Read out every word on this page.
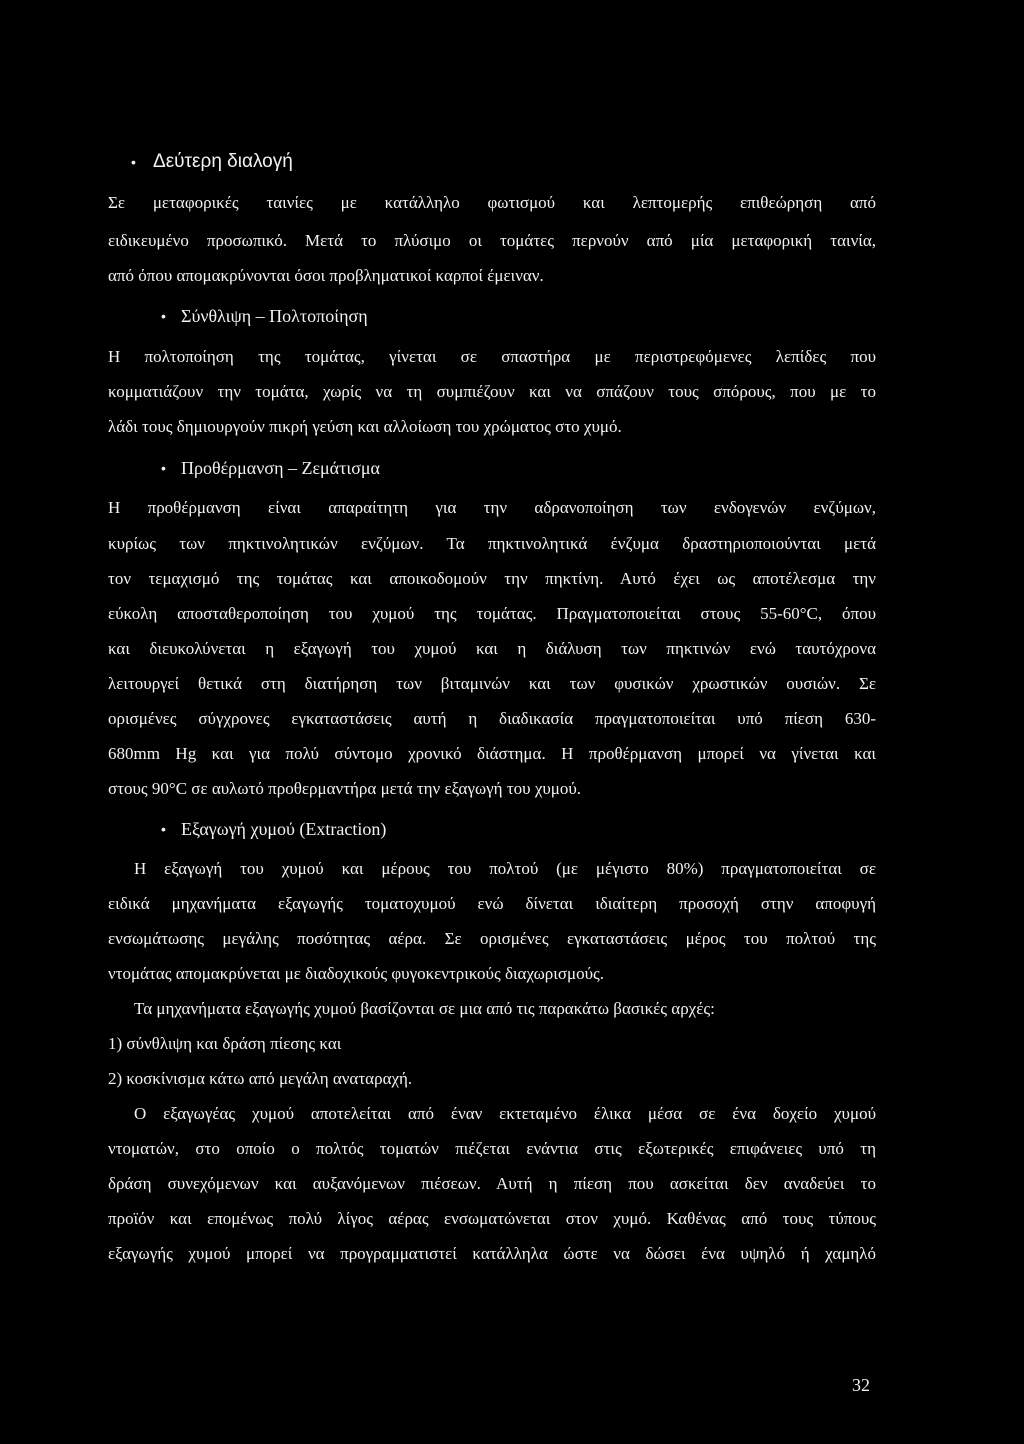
• Δεύτερη διαλογή
Σε μεταφορικές ταινίες με κατάλληλο φωτισμού και λεπτομερής επιθεώρηση από
ειδικευμένο προσωπικό. Μετά το πλύσιμο οι τομάτες περνούν από μία μεταφορική ταινία,
από όπου απομακρύνονται όσοι προβληματικοί καρποί έμειναν.
• Σύνθλιψη – Πολτοποίηση
Η πολτοποίηση της τομάτας, γίνεται σε σπαστήρα με περιστρεφόμενες λεπίδες που
κομματιάζουν την τομάτα, χωρίς να τη συμπιέζουν και να σπάζουν τους σπόρους, που με το
λάδι τους δημιουργούν πικρή γεύση και αλλοίωση του χρώματος στο χυμό.
• Προθέρμανση – Ζεμάτισμα
Η προθέρμανση είναι απαραίτητη για την αδρανοποίηση των ενδογενών ενζύμων,
κυρίως των πηκτινολητικών ενζύμων. Τα πηκτινολητικά ένζυμα δραστηριοποιούνται μετά
τον τεμαχισμό της τομάτας και αποικοδομούν την πηκτίνη. Αυτό έχει ως αποτέλεσμα την
εύκολη αποσταθεροποίηση του χυμού της τομάτας. Πραγματοποιείται στους 55-60°C, όπου
και διευκολύνεται η εξαγωγή του χυμού και η διάλυση των πηκτινών ενώ ταυτόχρονα
λειτουργεί θετικά στη διατήρηση των βιταμινών και των φυσικών χρωστικών ουσιών. Σε
ορισμένες σύγχρονες εγκαταστάσεις αυτή η διαδικασία πραγματοποιείται υπό πίεση 630-
680mm Hg και για πολύ σύντομο χρονικό διάστημα. Η προθέρμανση μπορεί να γίνεται και
στους 90°C σε αυλωτό προθερμαντήρα μετά την εξαγωγή του χυμού.
• Εξαγωγή χυμού (Extraction)
Η εξαγωγή του χυμού και μέρους του πολτού (με μέγιστο 80%) πραγματοποιείται σε
ειδικά μηχανήματα εξαγωγής τοματοχυμού ενώ δίνεται ιδιαίτερη προσοχή στην αποφυγή
ενσωμάτωσης μεγάλης ποσότητας αέρα. Σε ορισμένες εγκαταστάσεις μέρος του πολτού της
ντομάτας απομακρύνεται με διαδοχικούς φυγοκεντρικούς διαχωρισμούς.
Τα μηχανήματα εξαγωγής χυμού βασίζονται σε μια από τις παρακάτω βασικές αρχές:
1) σύνθλιψη και δράση πίεσης και
2) κοσκίνισμα κάτω από μεγάλη αναταραχή.
Ο εξαγωγέας χυμού αποτελείται από έναν εκτεταμένο έλικα μέσα σε ένα δοχείο χυμού
ντοματών, στο οποίο ο πολτός τοματών πιέζεται ενάντια στις εξωτερικές επιφάνειες υπό τη
δράση συνεχόμενων και αυξανόμενων πιέσεων. Αυτή η πίεση που ασκείται δεν αναδεύει το
προϊόν και επομένως πολύ λίγος αέρας ενσωματώνεται στον χυμό. Καθένας από τους τύπους
εξαγωγής χυμού μπορεί να προγραμματιστεί κατάλληλα ώστε να δώσει ένα υψηλό ή χαμηλό
32
